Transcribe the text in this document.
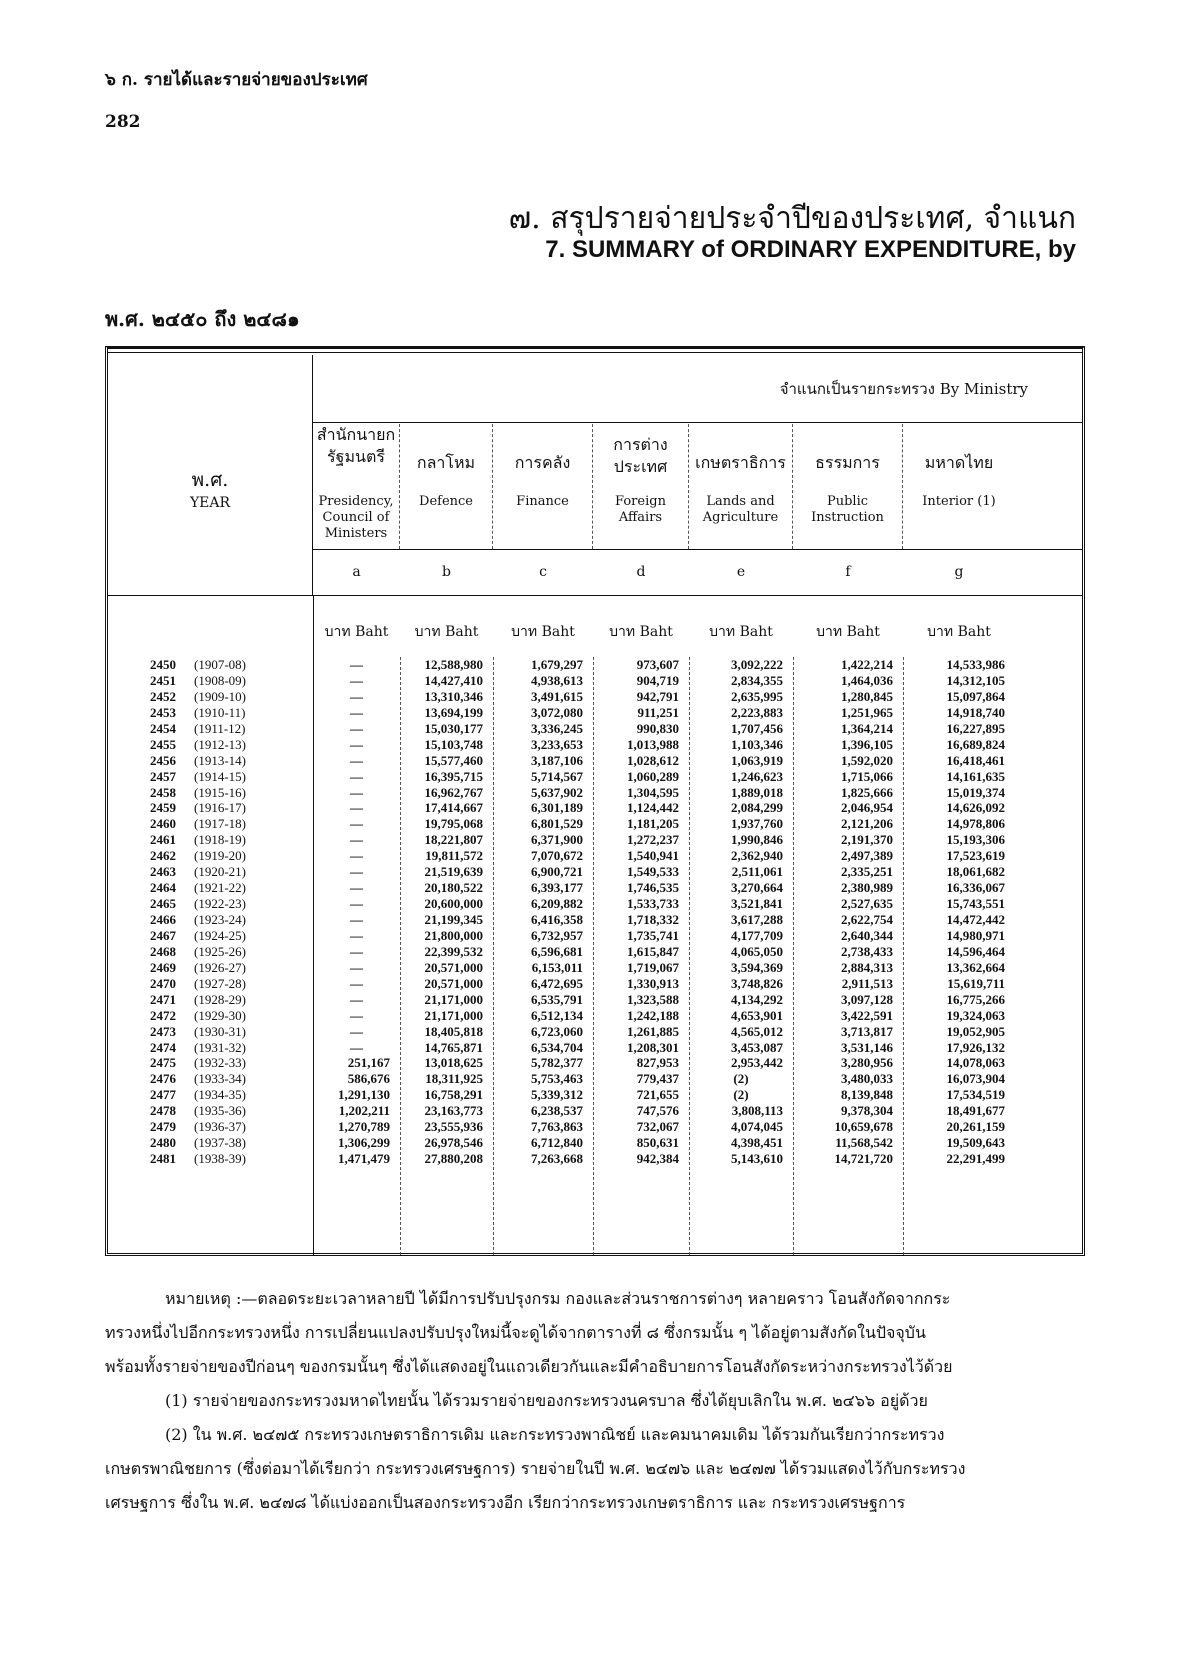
๖ ก. รายได้และรายจ่ายของประเทศ
282
๗. สรุปรายจ่ายประจำปีของประเทศ, จำแนก
7. SUMMARY of ORDINARY EXPENDITURE, by
พ.ศ. ๒๔๕๐ ถึง ๒๔๘๑
พ.ศ.
YEAR
จำแนกเป็นรายกระทรวง By Ministry
สำนักนายกรัฐมนตรี
Presidency, Council of Ministers
กลาโหม
Defence
การคลัง
Finance
การต่างประเทศ
Foreign Affairs
เกษตราธิการ
Lands and Agriculture
ธรรมการ
Public Instruction
มหาดไทย
Interior (1)
a	b	c	d	e	f	g
บาท Baht	บาท Baht	บาท Baht	บาท Baht	บาท Baht	บาท Baht	บาท Baht
2450	(1907-08)	—	12,588,980	1,679,297	973,607	3,092,222	1,422,214	14,533,986
2451	(1908-09)	—	14,427,410	4,938,613	904,719	2,834,355	1,464,036	14,312,105
2452	(1909-10)	—	13,310,346	3,491,615	942,791	2,635,995	1,280,845	15,097,864
2453	(1910-11)	—	13,694,199	3,072,080	911,251	2,223,883	1,251,965	14,918,740
2454	(1911-12)	—	15,030,177	3,336,245	990,830	1,707,456	1,364,214	16,227,895
2455	(1912-13)	—	15,103,748	3,233,653	1,013,988	1,103,346	1,396,105	16,689,824
2456	(1913-14)	—	15,577,460	3,187,106	1,028,612	1,063,919	1,592,020	16,418,461
2457	(1914-15)	—	16,395,715	5,714,567	1,060,289	1,246,623	1,715,066	14,161,635
2458	(1915-16)	—	16,962,767	5,637,902	1,304,595	1,889,018	1,825,666	15,019,374
2459	(1916-17)	—	17,414,667	6,301,189	1,124,442	2,084,299	2,046,954	14,626,092
2460	(1917-18)	—	19,795,068	6,801,529	1,181,205	1,937,760	2,121,206	14,978,806
2461	(1918-19)	—	18,221,807	6,371,900	1,272,237	1,990,846	2,191,370	15,193,306
2462	(1919-20)	—	19,811,572	7,070,672	1,540,941	2,362,940	2,497,389	17,523,619
2463	(1920-21)	—	21,519,639	6,900,721	1,549,533	2,511,061	2,335,251	18,061,682
2464	(1921-22)	—	20,180,522	6,393,177	1,746,535	3,270,664	2,380,989	16,336,067
2465	(1922-23)	—	20,600,000	6,209,882	1,533,733	3,521,841	2,527,635	15,743,551
2466	(1923-24)	—	21,199,345	6,416,358	1,718,332	3,617,288	2,622,754	14,472,442
2467	(1924-25)	—	21,800,000	6,732,957	1,735,741	4,177,709	2,640,344	14,980,971
2468	(1925-26)	—	22,399,532	6,596,681	1,615,847	4,065,050	2,738,433	14,596,464
2469	(1926-27)	—	20,571,000	6,153,011	1,719,067	3,594,369	2,884,313	13,362,664
2470	(1927-28)	—	20,571,000	6,472,695	1,330,913	3,748,826	2,911,513	15,619,711
2471	(1928-29)	—	21,171,000	6,535,791	1,323,588	4,134,292	3,097,128	16,775,266
2472	(1929-30)	—	21,171,000	6,512,134	1,242,188	4,653,901	3,422,591	19,324,063
2473	(1930-31)	—	18,405,818	6,723,060	1,261,885	4,565,012	3,713,817	19,052,905
2474	(1931-32)	—	14,765,871	6,534,704	1,208,301	3,453,087	3,531,146	17,926,132
2475	(1932-33)	251,167	13,018,625	5,782,377	827,953	2,953,442	3,280,956	14,078,063
2476	(1933-34)	586,676	18,311,925	5,753,463	779,437	(2)	3,480,033	16,073,904
2477	(1934-35)	1,291,130	16,758,291	5,339,312	721,655	(2)	8,139,848	17,534,519
2478	(1935-36)	1,202,211	23,163,773	6,238,537	747,576	3,808,113	9,378,304	18,491,677
2479	(1936-37)	1,270,789	23,555,936	7,763,863	732,067	4,074,045	10,659,678	20,261,159
2480	(1937-38)	1,306,299	26,978,546	6,712,840	850,631	4,398,451	11,568,542	19,509,643
2481	(1938-39)	1,471,479	27,880,208	7,263,668	942,384	5,143,610	14,721,720	22,291,499
หมายเหตุ :—ตลอดระยะเวลาหลายปี ได้มีการปรับปรุงกรม กองและส่วนราชการต่างๆ หลายคราว โอนสังกัดจากกระ
ทรวงหนึ่งไปอีกกระทรวงหนึ่ง การเปลี่ยนแปลงปรับปรุงใหม่นี้จะดูได้จากตารางที่ ๘ ซึ่งกรมนั้น ๆ ได้อยู่ตามสังกัดในปัจจุบัน
พร้อมทั้งรายจ่ายของปีก่อนๆ ของกรมนั้นๆ ซึ่งได้แสดงอยู่ในแถวเดียวกันและมีคำอธิบายการโอนสังกัดระหว่างกระทรวงไว้ด้วย
(1) รายจ่ายของกระทรวงมหาดไทยนั้น ได้รวมรายจ่ายของกระทรวงนครบาล ซึ่งได้ยุบเลิกใน พ.ศ. ๒๔๖๖ อยู่ด้วย
(2) ใน พ.ศ. ๒๔๗๕ กระทรวงเกษตราธิการเดิม และกระทรวงพาณิชย์ และคมนาคมเดิม ได้รวมกันเรียกว่ากระทรวง
เกษตรพาณิชยการ (ซึ่งต่อมาได้เรียกว่า กระทรวงเศรษฐการ) รายจ่ายในปี พ.ศ. ๒๔๗๖ และ ๒๔๗๗ ได้รวมแสดงไว้กับกระทรวง
เศรษฐการ ซึ่งใน พ.ศ. ๒๔๗๘ ได้แบ่งออกเป็นสองกระทรวงอีก เรียกว่ากระทรวงเกษตราธิการ และ กระทรวงเศรษฐการ
